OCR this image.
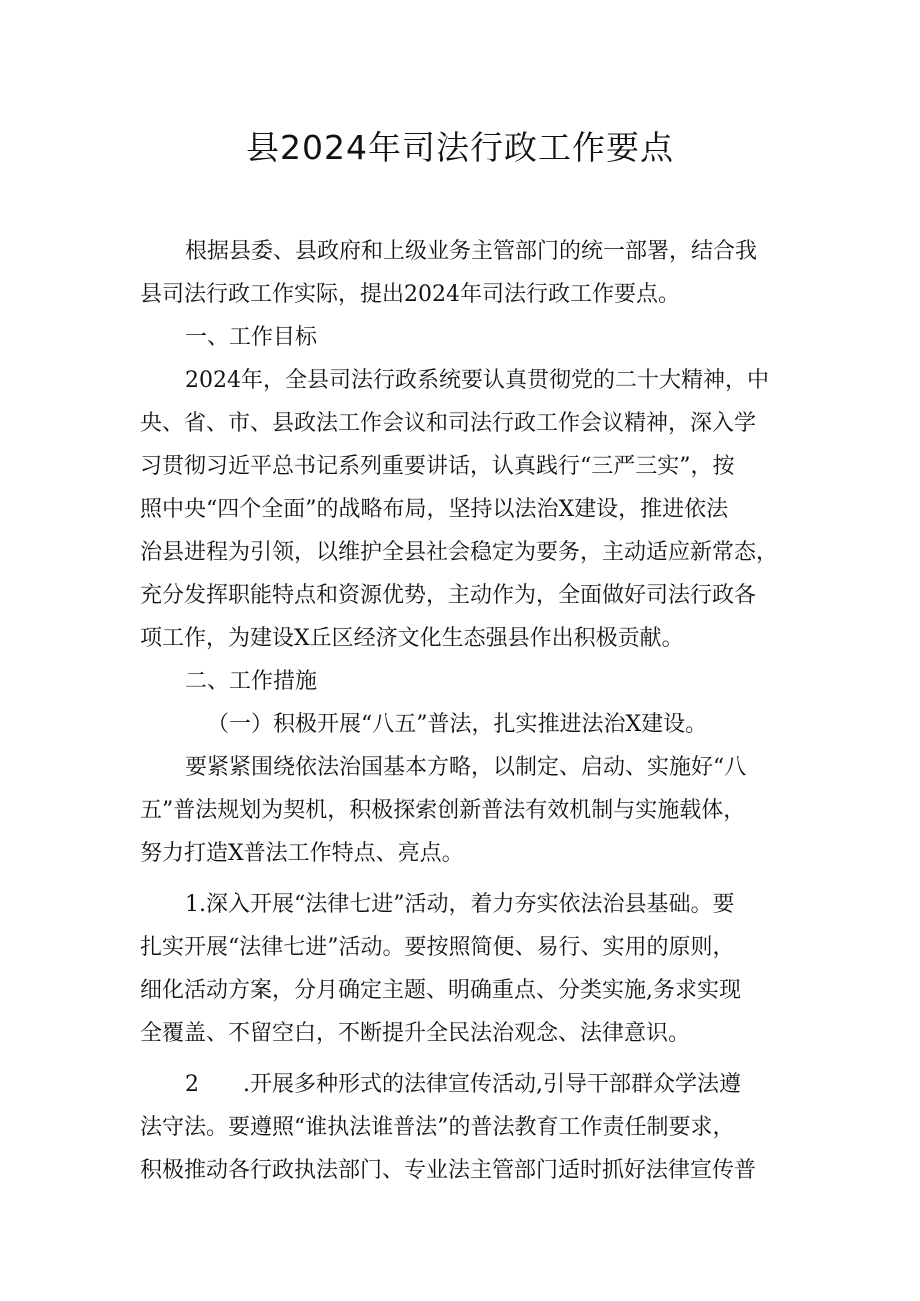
县2024年司法行政工作要点
根据县委、县政府和上级业务主管部门的统一部署，结合我
县司法行政工作实际，提出2024年司法行政工作要点。
一、工作目标
2024年，全县司法行政系统要认真贯彻党的二十大精神，中
央、省、市、县政法工作会议和司法行政工作会议精神，深入学
习贯彻习近平总书记系列重要讲话，认真践行“三严三实”，按
照中央“四个全面”的战略布局，坚持以法治X建设，推进依法
治县进程为引领，以维护全县社会稳定为要务，主动适应新常态，
充分发挥职能特点和资源优势，主动作为，全面做好司法行政各
项工作，为建设X丘区经济文化生态强县作出积极贡献。
二、工作措施
（一）积极开展“八五”普法，扎实推进法治X建设。
要紧紧围绕依法治国基本方略，以制定、启动、实施好“八
五”普法规划为契机，积极探索创新普法有效机制与实施载体，
努力打造X普法工作特点、亮点。
1.深入开展“法律七进”活动，着力夯实依法治县基础。要
扎实开展“法律七进”活动。要按照简便、易行、实用的原则，
细化活动方案，分月确定主题、明确重点、分类实施,务求实现
全覆盖、不留空白，不断提升全民法治观念、法律意识。
2　　.开展多种形式的法律宣传活动,引导干部群众学法遵
法守法。要遵照“谁执法谁普法”的普法教育工作责任制要求，
积极推动各行政执法部门、专业法主管部门适时抓好法律宣传普
